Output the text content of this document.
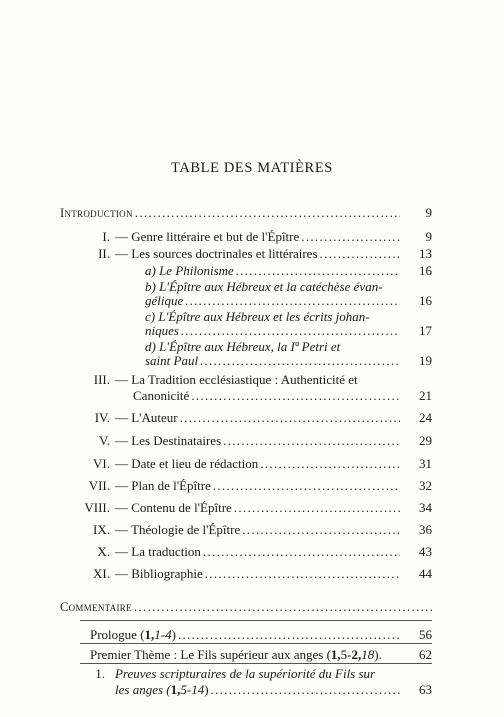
TABLE DES MATIÈRES
Introduction .....	9
I. — Genre littéraire et but de l'Épître .....	9
II. — Les sources doctrinales et littéraires .....	13
a) Le Philonisme .....	16
b) L'Épître aux Hébreux et la catéchèse évan-
gélique .....	16
c) L'Épître aux Hébreux et les écrits johan-
niques .....	17
d) L'Épître aux Hébreux, la Iª Petri et
saint Paul .....	19
III. — La Tradition ecclésiastique : Authenticité et
Canonicité .....	21
IV. — L'Auteur .....	24
V. — Les Destinataires .....	29
VI. — Date et lieu de rédaction .....	31
VII. — Plan de l'Épître .....	32
VIII. — Contenu de l'Épître .....	34
IX. — Théologie de l'Épître .....	36
X. — La traduction .....	43
XI. — Bibliographie .....	44
Commentaire
.....
Prologue ( 1, 1-4 ) .....	56
Premier Thème : Le Fils supérieur aux anges ( 1, 5- 2, 18 ).	62
1. Preuves scripturaires de la supériorité du Fils sur
les anges ( 1, 5-14 ) .....	63
